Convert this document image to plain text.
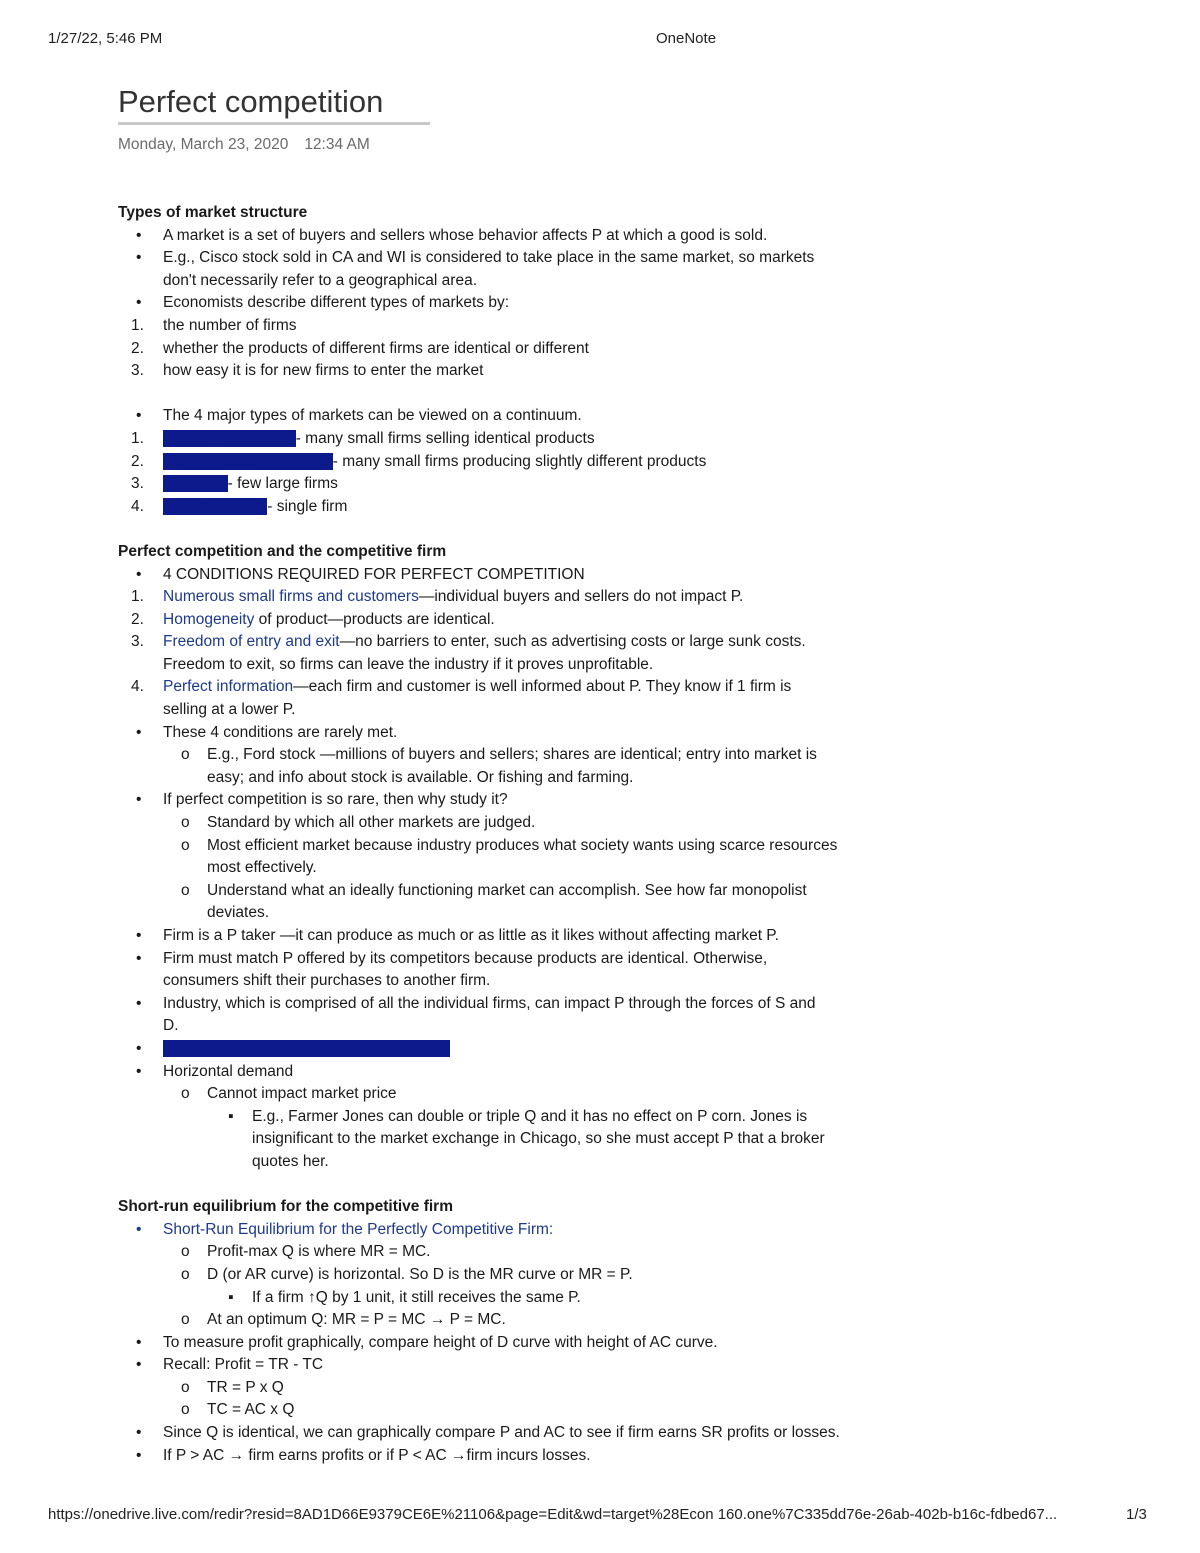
1/27/22, 5:46 PM	OneNote
Perfect competition
Monday, March 23, 2020 12:34 AM
Types of market structure
• A market is a set of buyers and sellers whose behavior affects P at which a good is sold.
• E.g., Cisco stock sold in CA and WI is considered to take place in the same market, so markets
don't necessarily refer to a geographical area.
• Economists describe different types of markets by:
1. the number of firms
2. whether the products of different firms are identical or different
3. how easy it is for new firms to enter the market
• The 4 major types of markets can be viewed on a continuum.
1. Perfect competition- many small firms selling identical products
2. Monopolistic competition- many small firms producing slightly different products
3. Oligopoly- few large firms
4. Pure monopoly- single firm
Perfect competition and the competitive firm
• 4 CONDITIONS REQUIRED FOR PERFECT COMPETITION
1. Numerous small firms and customers—individual buyers and sellers do not impact P.
2. Homogeneity of product—products are identical.
3. Freedom of entry and exit—no barriers to enter, such as advertising costs or large sunk costs.
Freedom to exit, so firms can leave the industry if it proves unprofitable.
4. Perfect information—each firm and customer is well informed about P. They know if 1 firm is
selling at a lower P.
• These 4 conditions are rarely met.
o E.g., Ford stock —millions of buyers and sellers; shares are identical; entry into market is
easy; and info about stock is available. Or fishing and farming.
• If perfect competition is so rare, then why study it?
o Standard by which all other markets are judged.
o Most efficient market because industry produces what society wants using scarce resources
most effectively.
o Understand what an ideally functioning market can accomplish. See how far monopolist
deviates.
• Firm is a P taker —it can produce as much or as little as it likes without affecting market P.
• Firm must match P offered by its competitors because products are identical. Otherwise,
consumers shift their purchases to another firm.
• Industry, which is comprised of all the individual firms, can impact P through the forces of S and
D.
• Firm's D Curve under Perfect Competition
• Horizontal demand
o Cannot impact market price
▪ E.g., Farmer Jones can double or triple Q and it has no effect on P corn. Jones is
insignificant to the market exchange in Chicago, so she must accept P that a broker
quotes her.
Short-run equilibrium for the competitive firm
• Short-Run Equilibrium for the Perfectly Competitive Firm:
o Profit-max Q is where MR = MC.
o D (or AR curve) is horizontal. So D is the MR curve or MR = P.
▪ If a firm ↑Q by 1 unit, it still receives the same P.
o At an optimum Q: MR = P = MC → P = MC.
• To measure profit graphically, compare height of D curve with height of AC curve.
• Recall: Profit = TR - TC
o TR = P x Q
o TC = AC x Q
• Since Q is identical, we can graphically compare P and AC to see if firm earns SR profits or losses.
• If P > AC → firm earns profits or if P < AC →firm incurs losses.
https://onedrive.live.com/redir?resid=8AD1D66E9379CE6E%21106&page=Edit&wd=target%28Econ 160.one%7C335dd76e-26ab-402b-b16c-fdbed67...	1/3
